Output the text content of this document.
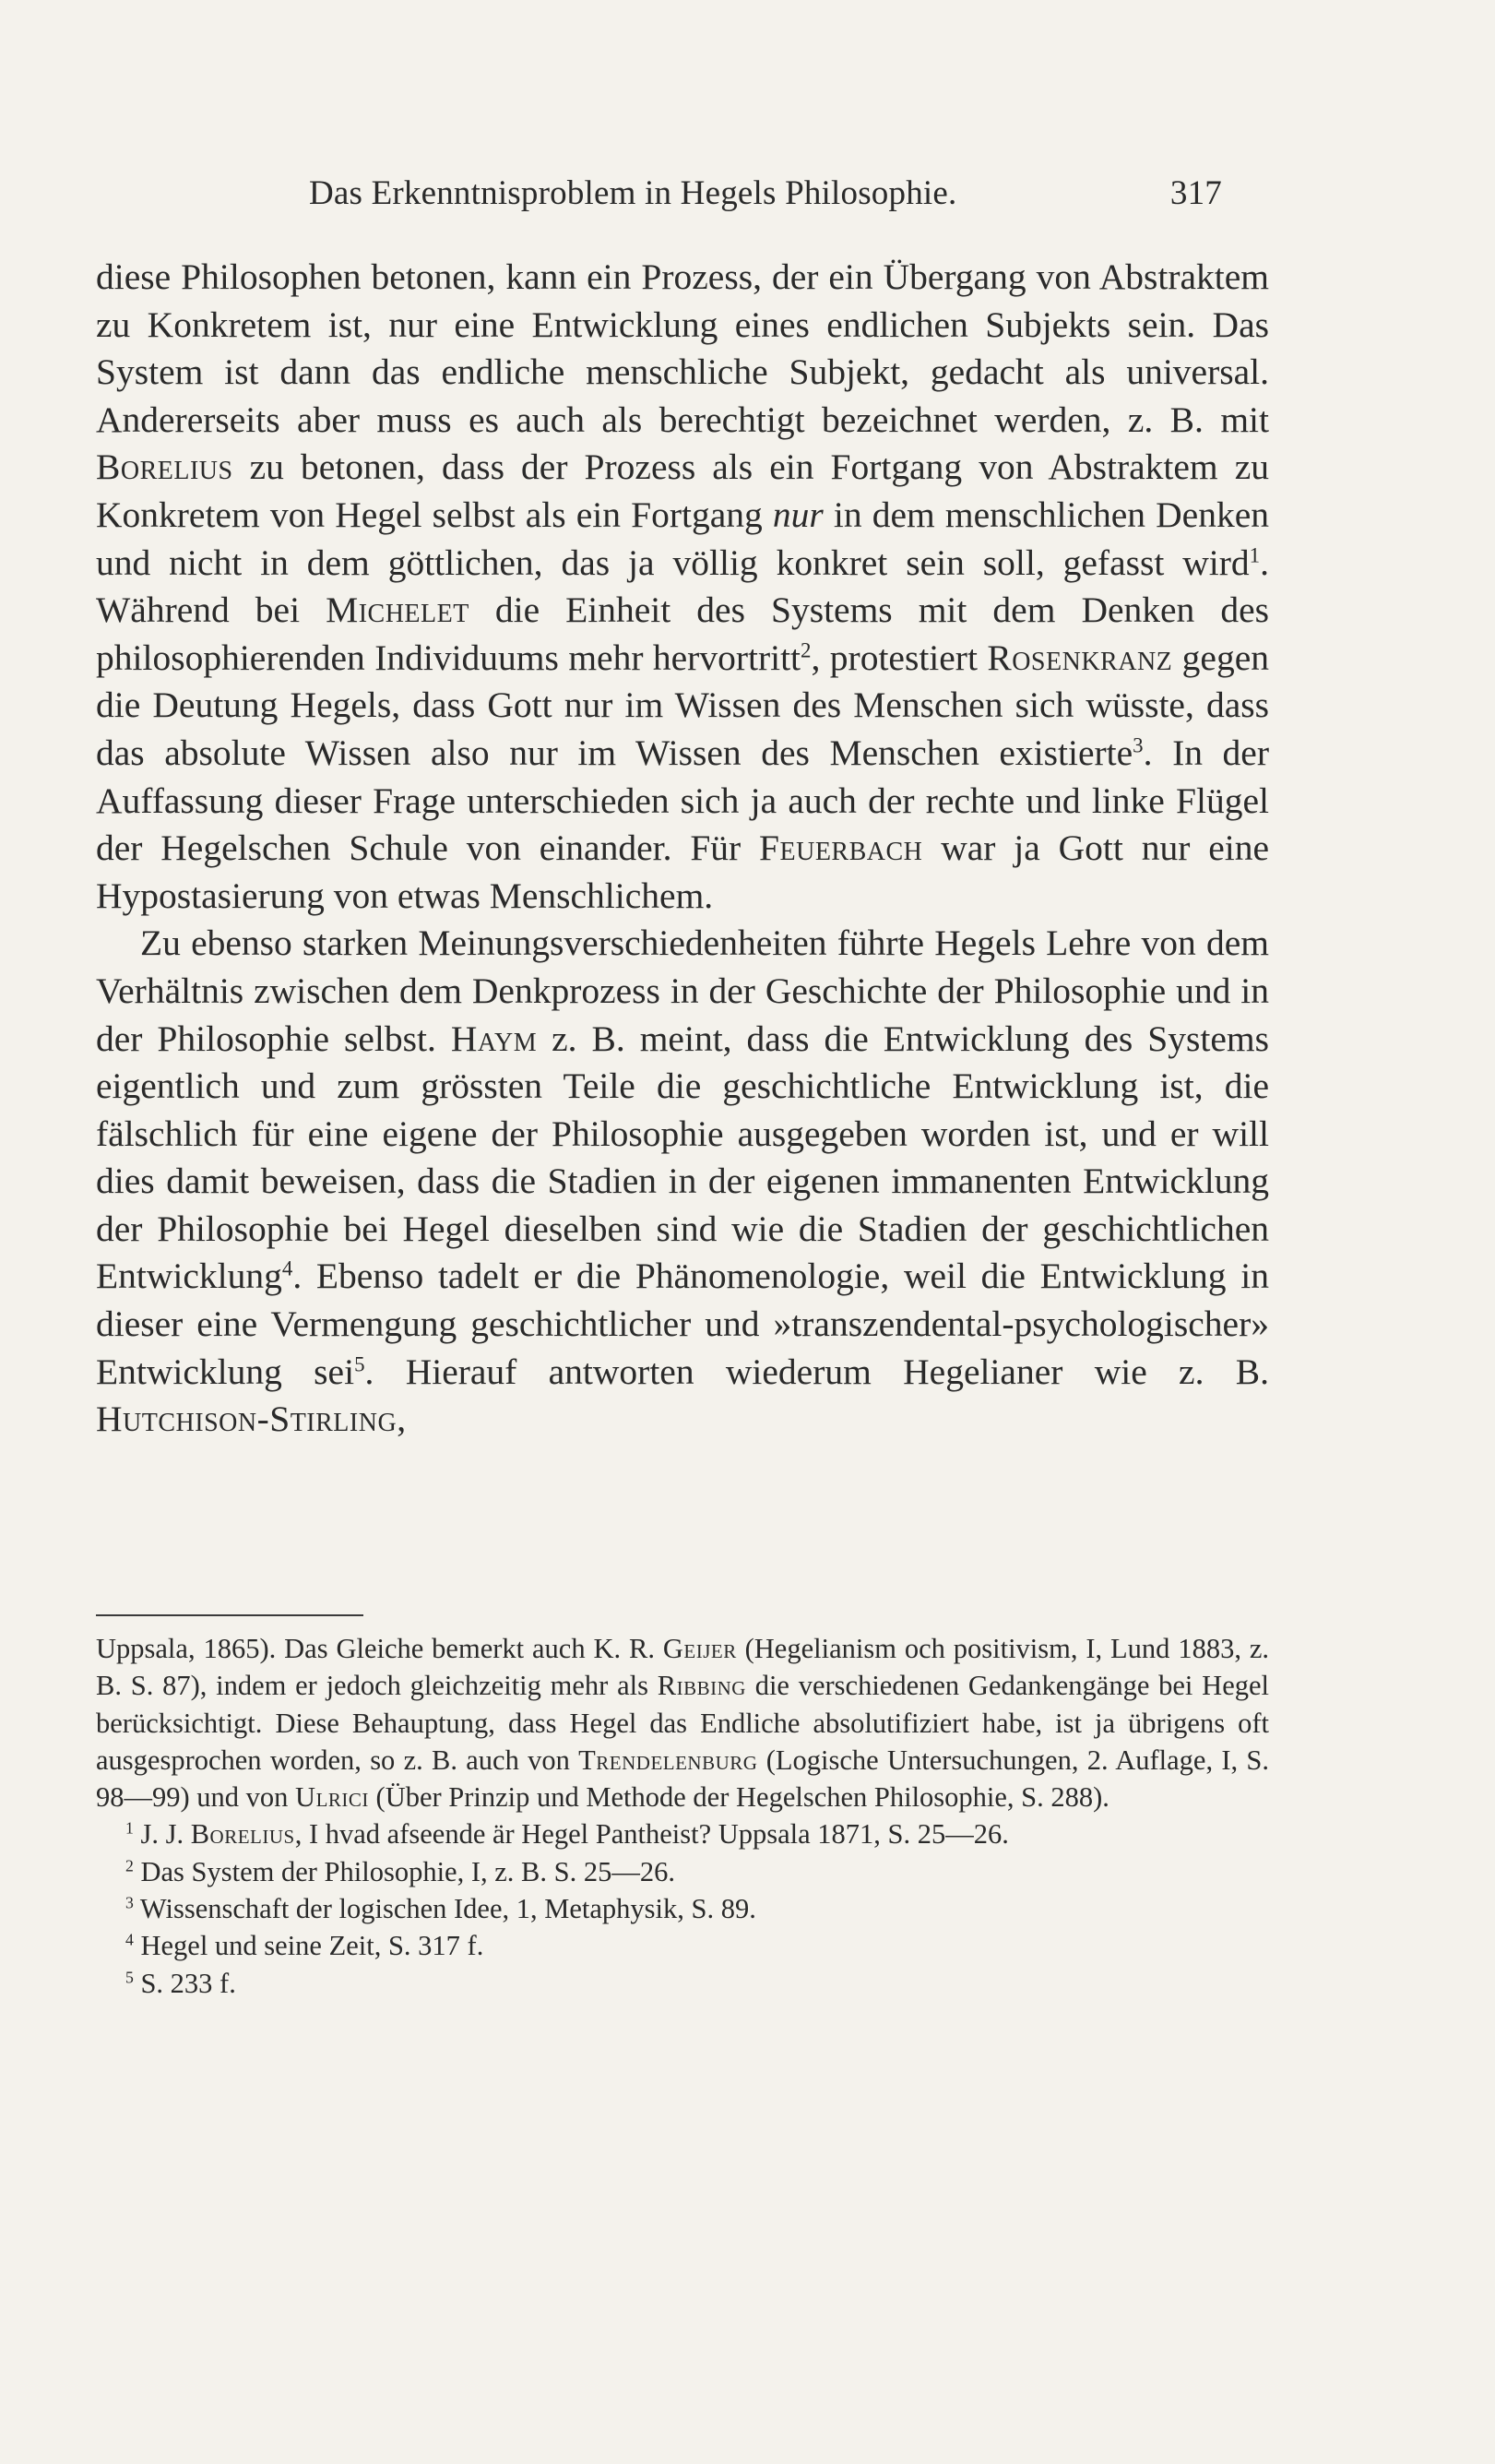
Das Erkenntnisproblem in Hegels Philosophie.	317

diese Philosophen betonen, kann ein Prozess, der ein Übergang von Abstraktem zu Konkretem ist, nur eine Entwicklung eines endlichen Subjekts sein. Das System ist dann das endliche menschliche Subjekt, gedacht als universal. Andererseits aber muss es auch als berechtigt bezeichnet werden, z. B. mit Borelius zu betonen, dass der Prozess als ein Fortgang von Abstraktem zu Konkretem von Hegel selbst als ein Fortgang nur in dem menschlichen Denken und nicht in dem göttlichen, das ja völlig konkret sein soll, gefasst wird$^1$. Während bei Michelet die Einheit des Systems mit dem Denken des philosophierenden Individuums mehr hervortritt$^2$, protestiert Rosenkranz gegen die Deutung Hegels, dass Gott nur im Wissen des Menschen sich wüsste, dass das absolute Wissen also nur im Wissen des Menschen existierte$^3$. In der Auffassung dieser Frage unterschieden sich ja auch der rechte und linke Flügel der Hegelschen Schule von einander. Für Feuerbach war ja Gott nur eine Hypostasierung von etwas Menschlichem.

Zu ebenso starken Meinungsverschiedenheiten führte Hegels Lehre von dem Verhältnis zwischen dem Denkprozess in der Geschichte der Philosophie und in der Philosophie selbst. Haym z. B. meint, dass die Entwicklung des Systems eigentlich und zum grössten Teile die geschichtliche Entwicklung ist, die fälschlich für eine eigene der Philosophie ausgegeben worden ist, und er will dies damit beweisen, dass die Stadien in der eigenen immanenten Entwicklung der Philosophie bei Hegel dieselben sind wie die Stadien der geschichtlichen Entwicklung$^4$. Ebenso tadelt er die Phänomenologie, weil die Entwicklung in dieser eine Vermengung geschichtlicher und »transzendental-psychologischer» Entwicklung sei$^5$. Hierauf antworten wiederum Hegelianer wie z. B. Hutchison-Stirling,

Uppsala, 1865). Das Gleiche bemerkt auch K. R. Geijer (Hegelianism och positivism, I, Lund 1883, z. B. S. 87), indem er jedoch gleichzeitig mehr als Ribbing die verschiedenen Gedankengänge bei Hegel berücksichtigt. Diese Behauptung, dass Hegel das Endliche absolutifiziert habe, ist ja übrigens oft ausgesprochen worden, so z. B. auch von Trendelenburg (Logische Untersuchungen, 2. Auflage, I, S. 98—99) und von Ulrici (Über Prinzip und Methode der Hegelschen Philosophie, S. 288).

$^1$ J. J. Borelius, I hvad afseende är Hegel Pantheist? Uppsala 1871, S. 25—26.

$^2$ Das System der Philosophie, I, z. B. S. 25—26.

$^3$ Wissenschaft der logischen Idee, 1, Metaphysik, S. 89.

$^4$ Hegel und seine Zeit, S. 317 f.

$^5$ S. 233 f.
